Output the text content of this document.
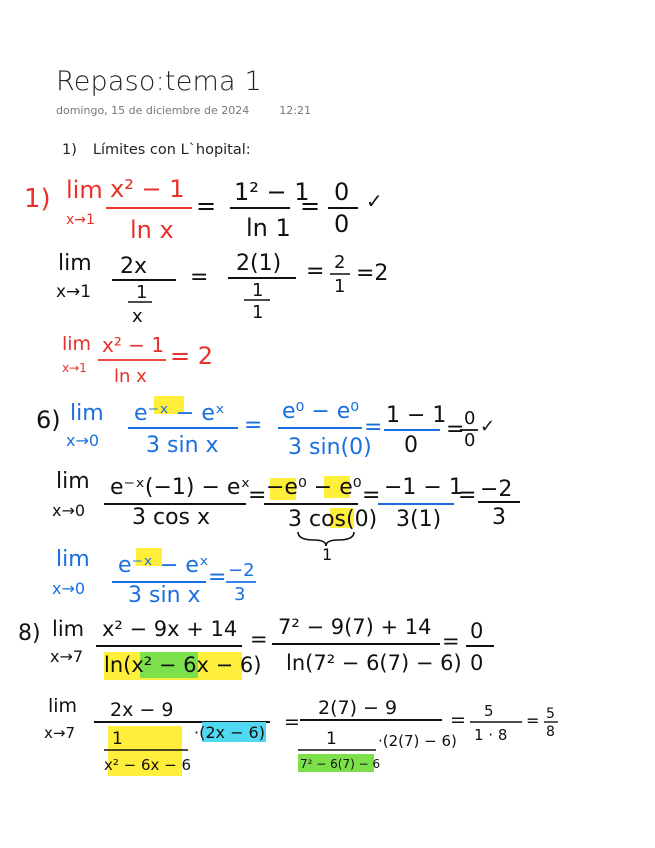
Repaso:tema 1
domingo, 15 de diciembre de 2024	12:21
1) Límites con L`hopital:
1) lim
x→1
x² − 1
ln x
= 1² − 1
ln 1
= 0
0
✓
lim
x→1
2x
1
x
=
2(1)
1
1
= 2
1
=2
lim
x→1
x² − 1
ln x
= 2
6) lim
x→0
e⁻ˣ − eˣ
3 sin x
=
e⁰ − e⁰
3 sin(0)
= 1 − 1
0
= 0
0
✓
lim
x→0
e⁻ˣ(−1) − eˣ
3 cos x
= −e⁰ − e⁰
3 cos(0)
1
= −1 − 1
3(1)
= −2
3
lim
x→0
e⁻ˣ − eˣ
3 sin x
= −2
3
8) lim
x→7
x² − 9x + 14
ln(x² − 6x − 6)
= 7² − 9(7) + 14
ln(7² − 6(7) − 6)
= 0
0
lim
x→7
2x − 9
1
x² − 6x − 6
·(2x − 6) =
2(7) − 9
1
7² − 6(7) − 6
·(2(7) − 6)
= 5
1 · 8
= 5
8
